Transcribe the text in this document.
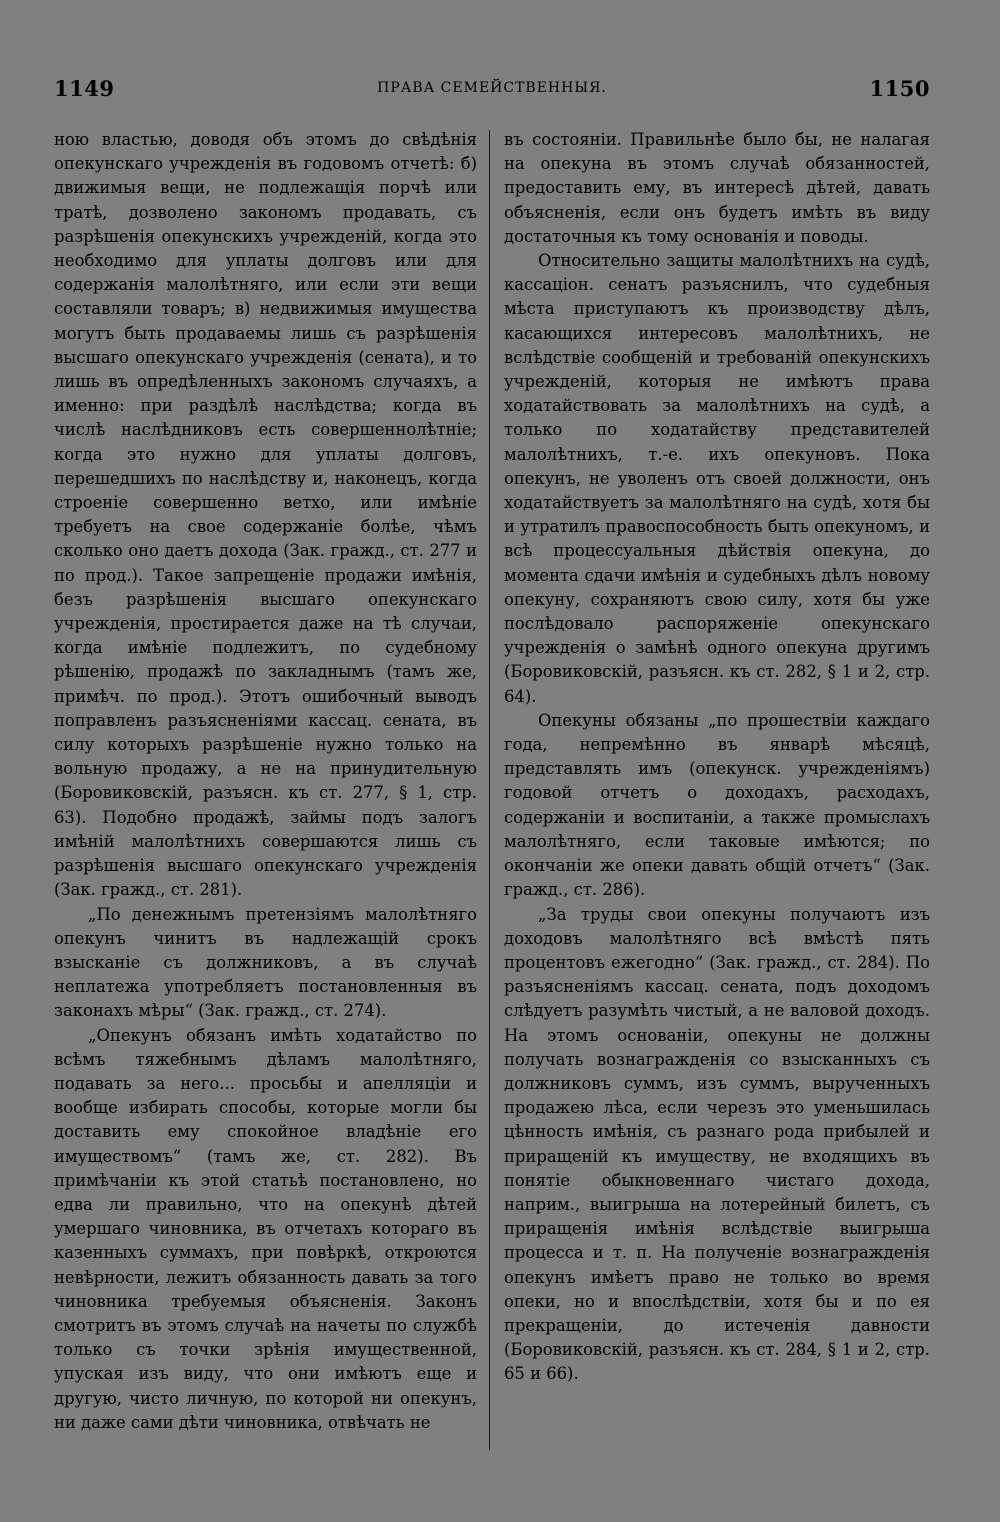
1149	ПРАВА СЕМЕЙСТВЕННЫЯ.	1150

ною властью, доводя объ этомъ до свѣдѣнія опекунскаго учрежденія въ годовомъ отчетѣ: б) движимыя вещи, не подлежащія порчѣ или тратѣ, дозволено закономъ продавать, съ разрѣшенія опекунскихъ учрежденій, когда это необходимо для уплаты долговъ или для содержанія малолѣтняго, или если эти вещи составляли товаръ; в) недвижимыя имущества могутъ быть продаваемы лишь съ разрѣшенія высшаго опекунскаго учрежденія (сената), и то лишь въ опредѣленныхъ закономъ случаяхъ, а именно: при раздѣлѣ наслѣдства; когда въ числѣ наслѣдниковъ есть совершеннолѣтніе; когда это нужно для уплаты долговъ, перешедшихъ по наслѣдству и, наконецъ, когда строеніе совершенно ветхо, или имѣніе требуетъ на свое содержаніе болѣе, чѣмъ сколько оно даетъ дохода (Зак. гражд., ст. 277 и по прод.). Такое запрещеніе продажи имѣнія, безъ разрѣшенія высшаго опекунскаго учрежденія, простирается даже на тѣ случаи, когда имѣніе подлежитъ, по судебному рѣшенію, продажѣ по закладнымъ (тамъ же, примѣч. по прод.). Этотъ ошибочный выводъ поправленъ разъясненіями кассац. сената, въ силу которыхъ разрѣшеніе нужно только на вольную продажу, а не на принудительную (Боровиковскій, разъясн. къ ст. 277, § 1, стр. 63). Подобно продажѣ, займы подъ залогъ имѣній малолѣтнихъ совершаются лишь съ разрѣшенія высшаго опекунскаго учрежденія (Зак. гражд., ст. 281).

„По денежнымъ претензіямъ малолѣтняго опекунъ чинитъ въ надлежащій срокъ взысканіе съ должниковъ, а въ случаѣ неплатежа употребляетъ постановленныя въ законахъ мѣры“ (Зак. гражд., ст. 274).

„Опекунъ обязанъ имѣть ходатайство по всѣмъ тяжебнымъ дѣламъ малолѣтняго, подавать за него... просьбы и апелляціи и вообще избирать способы, которые могли бы доставить ему спокойное владѣніе его имуществомъ“ (тамъ же, ст. 282). Въ примѣчаніи къ этой статьѣ постановлено, но едва ли правильно, что на опекунѣ дѣтей умершаго чиновника, въ отчетахъ котораго въ казенныхъ суммахъ, при повѣркѣ, откроются невѣрности, лежитъ обязанность давать за того чиновника требуемыя объясненія. Законъ смотритъ въ этомъ случаѣ на начеты по службѣ только съ точки зрѣнія имущественной, упуская изъ виду, что они имѣютъ еще и другую, чисто личную, по которой ни опекунъ, ни даже сами дѣти чиновника, отвѣчать не

въ состояніи. Правильнѣе было бы, не налагая на опекуна въ этомъ случаѣ обязанностей, предоставить ему, въ интересѣ дѣтей, давать объясненія, если онъ будетъ имѣть въ виду достаточныя къ тому основанія и поводы.

Относительно защиты малолѣтнихъ на судѣ, кассаціон. сенатъ разъяснилъ, что судебныя мѣста приступаютъ къ производству дѣлъ, касающихся интересовъ малолѣтнихъ, не вслѣдствіе сообщеній и требованій опекунскихъ учрежденій, которыя не имѣютъ права ходатайствовать за малолѣтнихъ на судѣ, а только по ходатайству представителей малолѣтнихъ, т.-е. ихъ опекуновъ. Пока опекунъ, не уволенъ отъ своей должности, онъ ходатайствуетъ за малолѣтняго на судѣ, хотя бы и утратилъ правоспособность быть опекуномъ, и всѣ процессуальныя дѣйствія опекуна, до момента сдачи имѣнія и судебныхъ дѣлъ новому опекуну, сохраняютъ свою силу, хотя бы уже послѣдовало распоряженіе опекунскаго учрежденія о замѣнѣ одного опекуна другимъ (Боровиковскій, разъясн. къ ст. 282, § 1 и 2, стр. 64).

Опекуны обязаны „по прошествіи каждаго года, непремѣнно въ январѣ мѣсяцѣ, представлять имъ (опекунск. учрежденіямъ) годовой отчетъ о доходахъ, расходахъ, содержаніи и воспитаніи, а также промыслахъ малолѣтняго, если таковые имѣются; по окончаніи же опеки давать общій отчетъ“ (Зак. гражд., ст. 286).

„За труды свои опекуны получаютъ изъ доходовъ малолѣтняго всѣ вмѣстѣ пять процентовъ ежегодно“ (Зак. гражд., ст. 284). По разъясненіямъ кассац. сената, подъ доходомъ слѣдуетъ разумѣть чистый, а не валовой доходъ. На этомъ основаніи, опекуны не должны получать вознагражденія со взысканныхъ съ должниковъ суммъ, изъ суммъ, вырученныхъ продажею лѣса, если черезъ это уменьшилась цѣнность имѣнія, съ разнаго рода прибылей и приращеній къ имуществу, не входящихъ въ понятіе обыкновеннаго чистаго дохода, наприм., выигрыша на лотерейный билетъ, съ приращенія имѣнія вслѣдствіе выигрыша процесса и т. п. На полученіе вознагражденія опекунъ имѣетъ право не только во время опеки, но и впослѣдствіи, хотя бы и по ея прекращеніи, до истеченія давности (Боровиковскій, разъясн. къ ст. 284, § 1 и 2, стр. 65 и 66).
